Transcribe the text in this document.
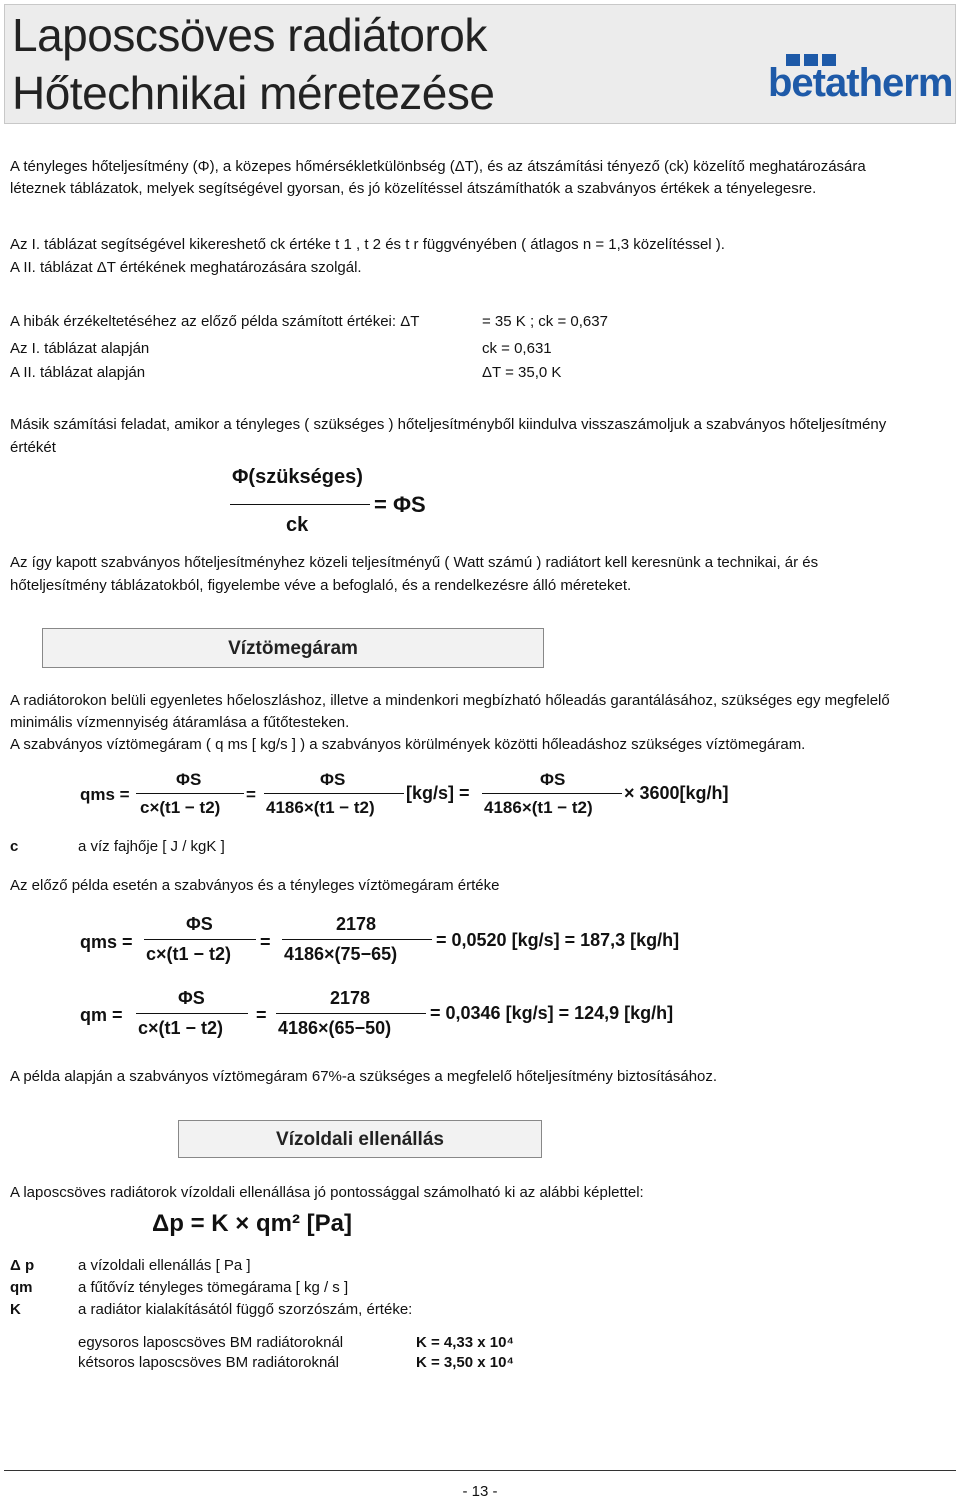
Laposcsöves radiátorok
Hőtechnikai méretezése	betatherm
A tényleges hőteljesítmény (Φ), a közepes hőmérsékletkülönbség (ΔT), és az átszámítási tényező (ck) közelítő meghatározására
léteznek táblázatok, melyek segítségével gyorsan, és jó közelítéssel átszámíthatók a szabványos értékek a tényelegesre.
Az I. táblázat segítségével kikereshető ck értéke t 1 , t 2 és t r függvényében ( átlagos n = 1,3 közelítéssel ).
A II. táblázat ΔT értékének meghatározására szolgál.
A hibák érzékeltetéséhez az előző példa számított értékei: ΔT	= 35 K ; ck = 0,637
Az I. táblázat alapján	ck = 0,631
A II. táblázat alapján	ΔT = 35,0 K
Másik számítási feladat, amikor a tényleges ( szükséges ) hőteljesítményből kiindulva visszaszámoljuk a szabványos hőteljesítmény
értékét
Φ(szükséges)
ck
= ΦS
Az így kapott szabványos hőteljesítményhez közeli teljesítményű ( Watt számú ) radiátort kell keresnünk a technikai, ár és
hőteljesítmény táblázatokból, figyelembe véve a befoglaló, és a rendelkezésre álló méreteket.
Víztömegáram
A radiátorokon belüli egyenletes hőeloszláshoz, illetve a mindenkori megbízható hőleadás garantálásához, szükséges egy megfelelő
minimális vízmennyiség átáramlása a fűtőtesteken.
A szabványos víztömegáram ( q ms [ kg/s ] ) a szabványos körülmények közötti hőleadáshoz szükséges víztömegáram.
qms =
ΦS
c×(t1 − t2)
=
ΦS
4186×(t1 − t2)
[kg/s] =
ΦS
4186×(t1 − t2)
× 3600[kg/h]
c	a víz fajhője [ J / kgK ]
Az előző példa esetén a szabványos és a tényleges víztömegáram értéke
qms =
ΦS
c×(t1 − t2)
=
2178
4186×(75−65)
= 0,0520 [kg/s] = 187,3 [kg/h]
qm =
ΦS
c×(t1 − t2)
=
2178
4186×(65−50)
= 0,0346 [kg/s] = 124,9 [kg/h]
A példa alapján a szabványos víztömegáram 67%-a szükséges a megfelelő hőteljesítmény biztosításához.
Vízoldali ellenállás
A laposcsöves radiátorok vízoldali ellenállása jó pontossággal számolható ki az alábbi képlettel:
Δp = K × qm² [Pa]
Δ p	a vízoldali ellenállás [ Pa ]
qm	a fűtővíz tényleges tömegárama [ kg / s ]
K	a radiátor kialakításától függő szorzószám, értéke:
egysoros laposcsöves BM radiátoroknál	K = 4,33 x 10⁴
kétsoros laposcsöves BM radiátoroknál	K = 3,50 x 10⁴
- 13 -
